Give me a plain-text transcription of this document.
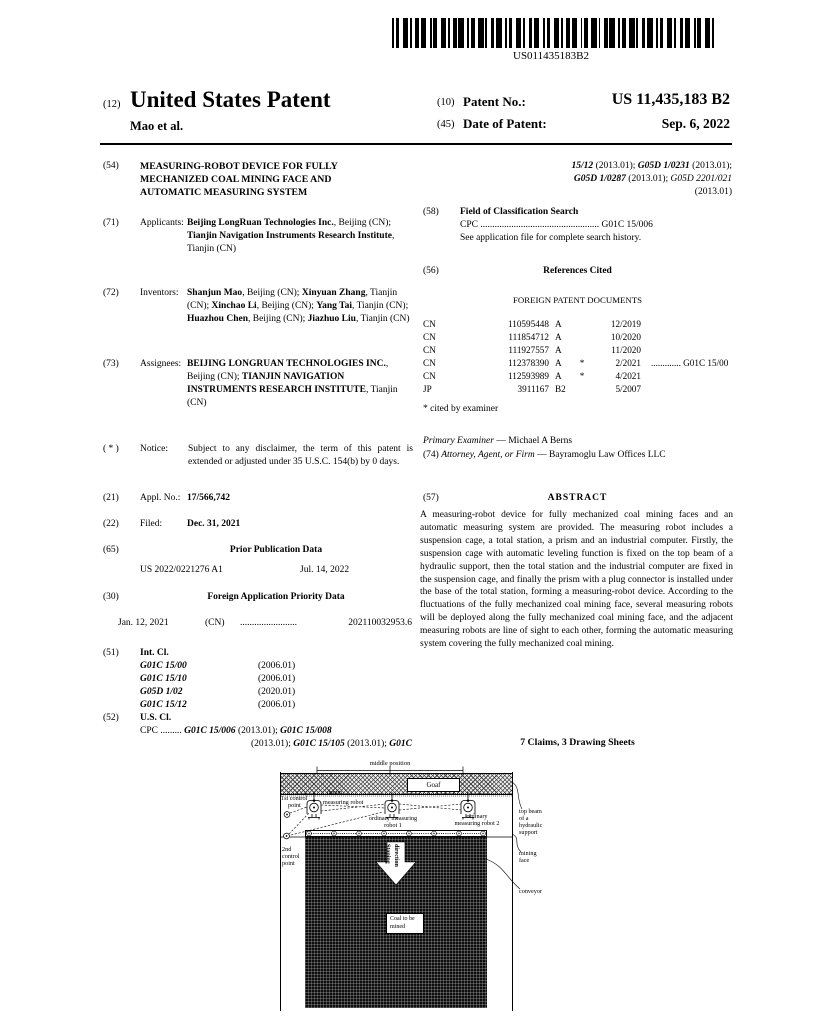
US011435183B2
(12) United States Patent
Mao et al.
(10) Patent No.:	US 11,435,183 B2
(45) Date of Patent:	Sep. 6, 2022
(54) MEASURING-ROBOT DEVICE FOR FULLY
MECHANIZED COAL MINING FACE AND
AUTOMATIC MEASURING SYSTEM
(71) Applicants: Beijing LongRuan Technologies Inc., Beijing (CN); Tianjin Navigation Instruments Research Institute, Tianjin (CN)
(72) Inventors: Shanjun Mao, Beijing (CN); Xinyuan Zhang, Tianjin (CN); Xinchao Li, Beijing (CN); Yang Tai, Tianjin (CN); Huazhou Chen, Beijing (CN); Jiazhuo Liu, Tianjin (CN)
(73) Assignees: BEIJING LONGRUAN TECHNOLOGIES INC., Beijing (CN); TIANJIN NAVIGATION INSTRUMENTS RESEARCH INSTITUTE, Tianjin (CN)
( * ) Notice: Subject to any disclaimer, the term of this patent is extended or adjusted under 35 U.S.C. 154(b) by 0 days.
(21) Appl. No.: 17/566,742
(22) Filed:	Dec. 31, 2021
(65)	Prior Publication Data
US 2022/0221276 A1	Jul. 14, 2022
(30)	Foreign Application Priority Data
Jan. 12, 2021	(CN) ........................	202110032953.6
(51) Int. Cl.
G01C 15/00	(2006.01)
G01C 15/10	(2006.01)
G05D 1/02	(2020.01)
G01C 15/12	(2006.01)
(52) U.S. Cl.
CPC ......... G01C 15/006 (2013.01); G01C 15/008
(2013.01); G01C 15/105 (2013.01); G01C
15/12 (2013.01); G05D 1/0231 (2013.01);
G05D 1/0287 (2013.01); G05D 2201/021
(2013.01)
(58) Field of Classification Search
CPC .................................................. G01C 15/006
See application file for complete search history.
(56)	References Cited
FOREIGN PATENT DOCUMENTS
CN	110595448 A	12/2019
CN	111854712 A	10/2020
CN	111927557 A	11/2020
CN	112378390 A	*	2/2021	............. G01C 15/00
CN	112593989 A	*	4/2021
JP	3911167 B2	5/2007
* cited by examiner
Primary Examiner — Michael A Berns
(74) Attorney, Agent, or Firm — Bayramoglu Law Offices LLC
(57)	ABSTRACT
A measuring-robot device for fully mechanized coal mining faces and an automatic measuring system are provided. The measuring robot includes a suspension cage, a total station, a prism and an industrial computer. Firstly, the suspension cage with automatic leveling function is fixed on the top beam of a hydraulic support, then the total station and the industrial computer are fixed in the suspension cage, and finally the prism with a plug connector is installed under the base of the total station, forming a measuring-robot device. According to the fluctuations of the fully mechanized coal mining face, several measuring robots will be deployed along the fully mechanized coal mining face, and the adjacent measuring robots are line of sight to each other, forming the automatic measuring system covering the fully mechanized coal mining.
7 Claims, 3 Drawing Sheets
Goaf
Stoping direction
Coal to be
mined
middle position
1st control
point
datum
measuring robot
ordinary measuring
robot 1
ordinary
measuring robot 2
2nd
control
point
top beam
of a
hydraulic
support
mining
face
conveyor
